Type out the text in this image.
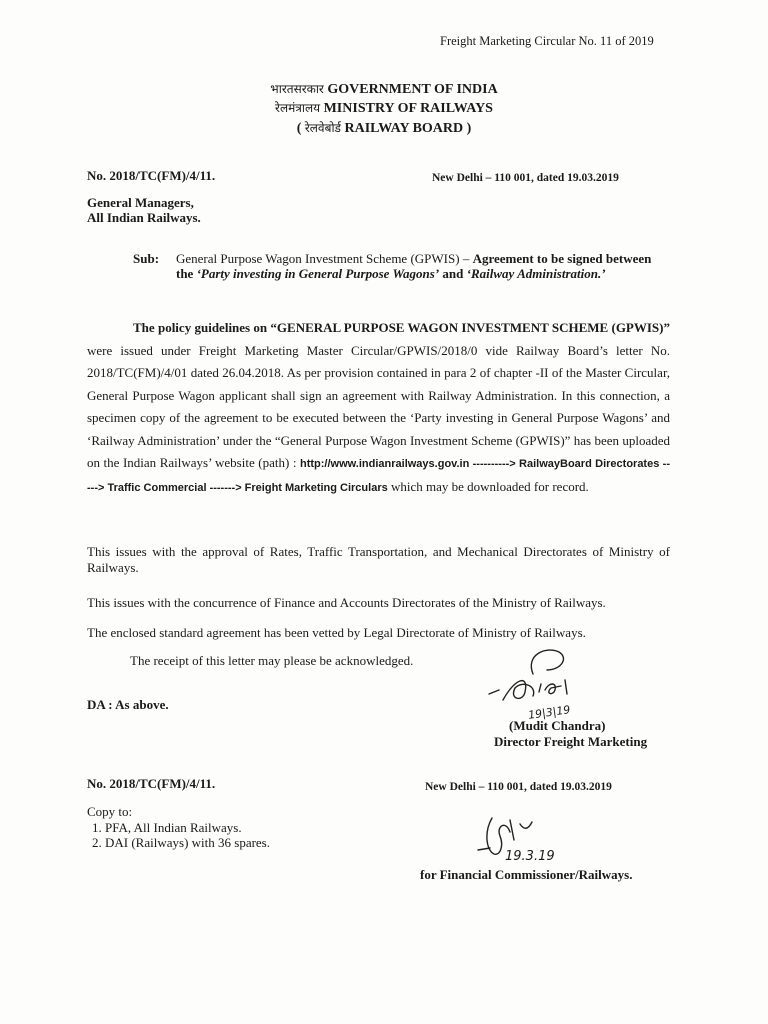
Freight Marketing Circular No. 11 of 2019
भारतसरकार GOVERNMENT OF INDIA
रेलमंत्रालय MINISTRY OF RAILWAYS
( रेलवेबोर्ड RAILWAY BOARD )
No. 2018/TC(FM)/4/11.	New Delhi – 110 001, dated 19.03.2019
General Managers,
All Indian Railways.
Sub: General Purpose Wagon Investment Scheme (GPWIS) – Agreement to be signed between the ‘Party investing in General Purpose Wagons’ and ‘Railway Administration.’
The policy guidelines on “GENERAL PURPOSE WAGON INVESTMENT SCHEME (GPWIS)” were issued under Freight Marketing Master Circular/GPWIS/2018/0 vide Railway Board’s letter No. 2018/TC(FM)/4/01 dated 26.04.2018. As per provision contained in para 2 of chapter -II of the Master Circular, General Purpose Wagon applicant shall sign an agreement with Railway Administration. In this connection, a specimen copy of the agreement to be executed between the ‘Party investing in General Purpose Wagons’ and ‘Railway Administration’ under the “General Purpose Wagon Investment Scheme (GPWIS)” has been uploaded on the Indian Railways’ website (path) : http://www.indianrailways.gov.in ----------> RailwayBoard Directorates -----> Traffic Commercial -------> Freight Marketing Circulars which may be downloaded for record.
This issues with the approval of Rates, Traffic Transportation, and Mechanical Directorates of Ministry of Railways.
This issues with the concurrence of Finance and Accounts Directorates of the Ministry of Railways.
The enclosed standard agreement has been vetted by Legal Directorate of Ministry of Railways.
The receipt of this letter may please be acknowledged.
DA : As above.	19|3|19
(Mudit Chandra)
Director Freight Marketing
No. 2018/TC(FM)/4/11.	New Delhi – 110 001, dated 19.03.2019
Copy to:
1. PFA, All Indian Railways.
2. DAI (Railways) with 36 spares.
19.3.19
for Financial Commissioner/Railways.
